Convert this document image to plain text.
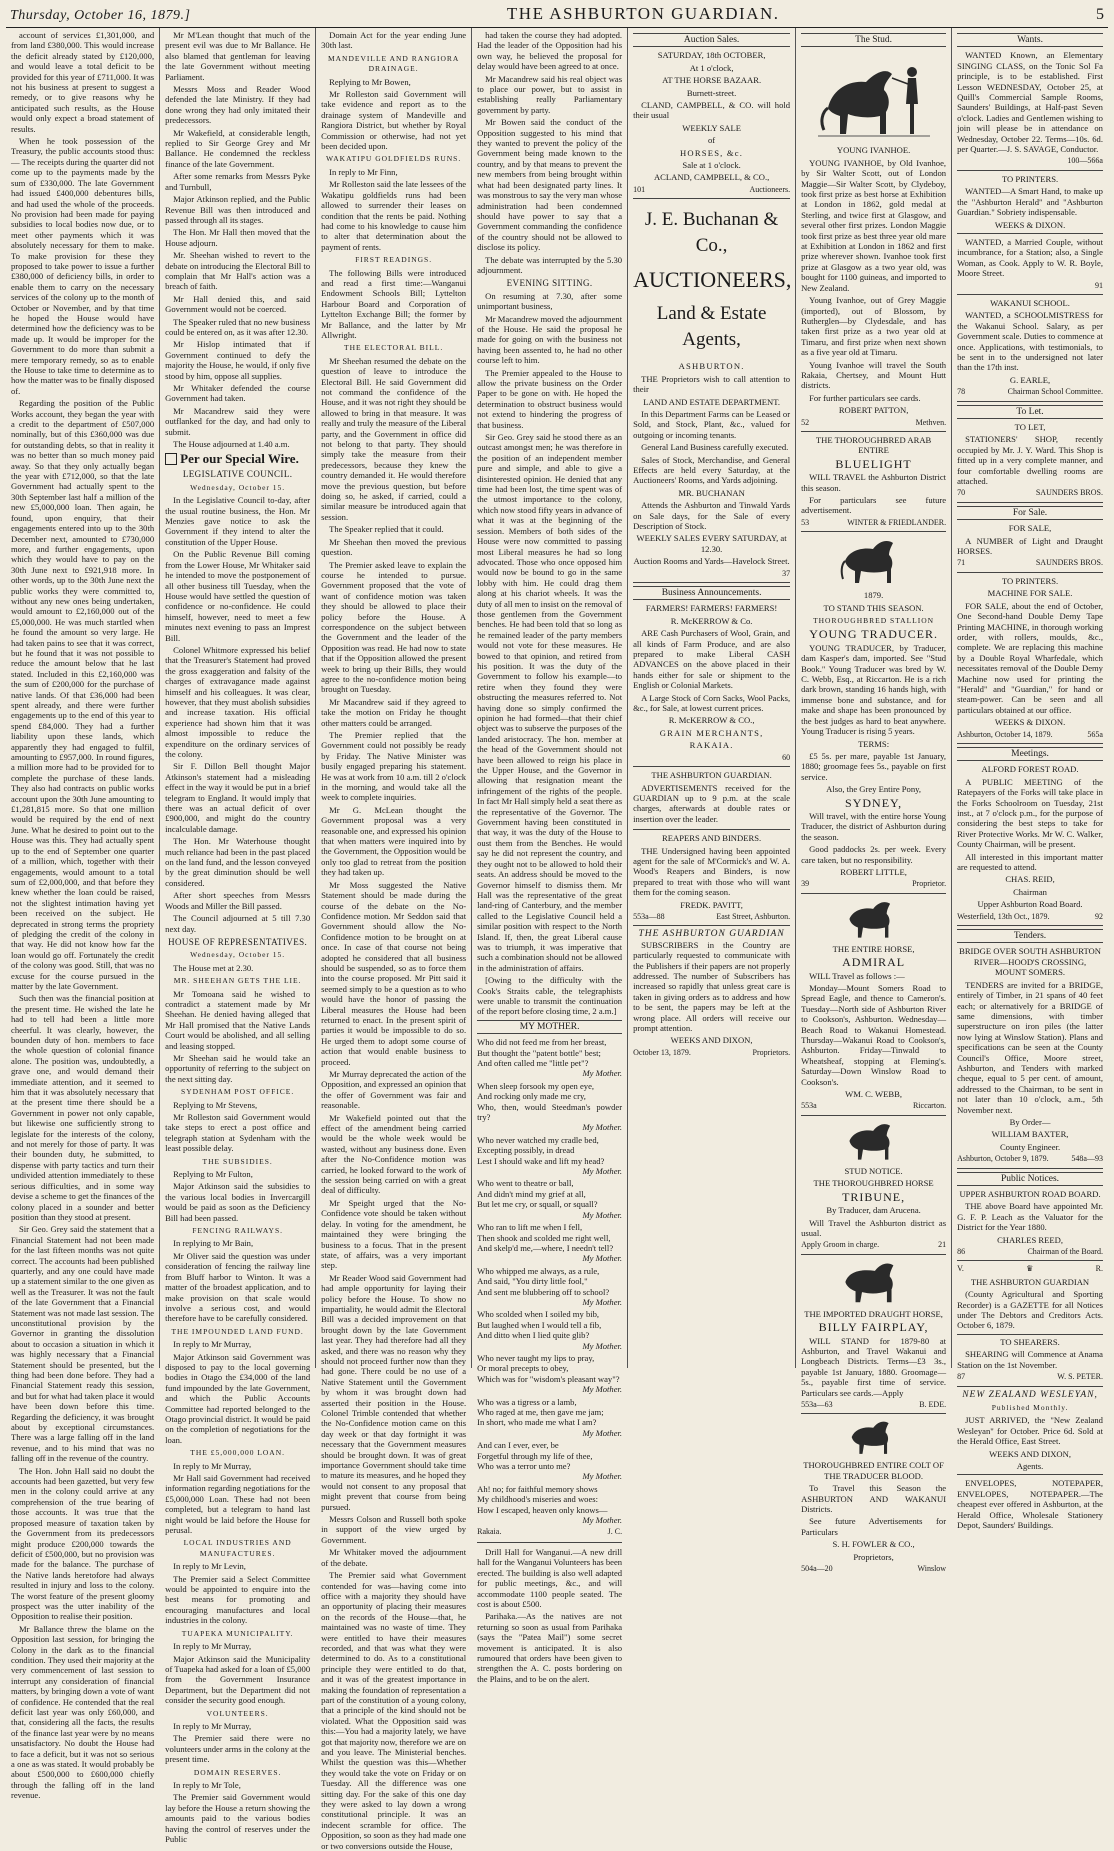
Thursday, October 16, 1879.]	THE ASHBURTON GUARDIAN.	5

account of services £1,301,000, and from land £380,000. This would increase the deficit already stated by £120,000, and would leave a total deficit to be provided for this year of £711,000. It was not his business at present to suggest a remedy, or to give reasons why he anticipated such results, as the House would only expect a broad statement of results.

When he took possession of the Treasury, the public accounts stood thus:— The receipts during the quarter did not come up to the payments made by the sum of £330,000. The late Government had issued £400,000 debentures bills, and had used the whole of the proceeds. No provision had been made for paying subsidies to local bodies now due, or to meet other payments which it was absolutely necessary for them to make. To make provision for these they proposed to take power to issue a further £380,000 of deficiency bills, in order to enable them to carry on the necessary services of the colony up to the month of October or November, and by that time he hoped the House would have determined how the deficiency was to be made up. It would be improper for the Government to do more than submit a mere temporary remedy, so as to enable the House to take time to determine as to how the matter was to be finally disposed of.

Regarding the position of the Public Works account, they began the year with a credit to the department of £507,000 nominally, but of this £360,000 was due for outstanding debts, so that in reality it was no better than so much money paid away. So that they only actually began the year with £712,000, so that the late Government had actually spent to the 30th September last half a million of the new £5,000,000 loan. Then again, he found, upon enquiry, that their engagements entered into up to the 30th December next, amounted to £730,000 more, and further engagements, upon which they would have to pay on the 30th June next to £921,918 more. In other words, up to the 30th June next the public works they were committed to, without any new ones being undertaken, would amount to £2,160,000 out of the £5,000,000. He was much startled when he found the amount so very large. He had taken pains to see that it was correct, but he found that it was not possible to reduce the amount below that he last stated. Included in this £2,160,000 was the sum of £200,000 for the purchase of native lands. Of that £36,000 had been spent already, and there were further engagements up to the end of this year to spend £84,000. They had a further liability upon these lands, which apparently they had engaged to fulfil, amounting to £957,000. In round figures, a million more had to be provided for to complete the purchase of these lands. They also had contracts on public works account upon the 30th June amounting to £1,281,815 more. So that one million would be required by the end of next June. What he desired to point out to the House was this. They had actually spent up to the end of September one quarter of a million, which, together with their engagements, would amount to a total sum of £2,000,000, and that before they knew whether the loan could be raised, not the slightest intimation having yet been received on the subject. He deprecated in strong terms the propriety of pledging the credit of the colony in that way. He did not know how far the loan would go off. Fortunately the credit of the colony was good. Still, that was no excuse for the course pursued in the matter by the late Government.

Such then was the financial position at the present time. He wished the late he had to tell had been a little more cheerful. It was clearly, however, the bounden duty of hon. members to face the whole question of colonial finance alone. The position was, undoubtedly, a grave one, and would demand their immediate attention, and it seemed to him that it was absolutely necessary that at the present time there should be a Government in power not only capable, but likewise one sufficiently strong to legislate for the interests of the colony, and not merely for those of party. It was their bounden duty, he submitted, to dispense with party tactics and turn their undivided attention immediately to these serious difficulties, and in some way devise a scheme to get the finances of the colony placed in a sounder and better position than they stood at present.

Sir Geo. Grey said the statement that a Financial Statement had not been made for the last fifteen months was not quite correct. The accounts had been published quarterly, and any one could have made up a statement similar to the one given as well as the Treasurer. It was not the fault of the late Government that a Financial Statement was not made last session. The unconstitutional provision by the Governor in granting the dissolution about to occasion a situation in which it was highly necessary that a Financial Statement should be presented, but the thing had been done before. They had a Financial Statement ready this session, and but for what had taken place it would have been down before this time. Regarding the deficiency, it was brought about by exceptional circumstances. There was a large falling off in the land revenue, and to his mind that was no falling off in the revenue of the country.

The Hon. John Hall said no doubt the accounts had been gazetted, but very few men in the colony could arrive at any comprehension of the true bearing of those accounts. It was true that the proposed measure of taxation taken by the Government from its predecessors might produce £200,000 towards the deficit of £500,000, but no provision was made for the balance. The purchase of the Native lands heretofore had always resulted in injury and loss to the colony. The worst feature of the present gloomy prospect was the utter inability of the Opposition to realise their position.

Mr Ballance threw the blame on the Opposition last session, for bringing the Colony in the dark as to the financial condition. They used their majority at the very commencement of last session to interrupt any consideration of financial matters, by bringing down a vote of want of confidence. He contended that the real deficit last year was only £60,000, and that, considering all the facts, the results of the finance last year were by no means unsatisfactory. No doubt the House had to face a deficit, but it was not so serious a one as was stated. It would probably be about £500,000 to £600,000 chiefly through the falling off in the land revenue.

Mr M'Lean thought that much of the present evil was due to Mr Ballance. He also blamed that gentleman for leaving the late Government without meeting Parliament.

Messrs Moss and Reader Wood defended the late Ministry. If they had done wrong they had only imitated their predecessors.

Mr Wakefield, at considerable length, replied to Sir George Grey and Mr Ballance. He condemned the reckless finance of the late Government.

After some remarks from Messrs Pyke and Turnbull,

Major Atkinson replied, and the Public Revenue Bill was then introduced and passed through all its stages.

The Hon. Mr Hall then moved that the House adjourn.

Mr. Sheehan wished to revert to the debate on introducing the Electoral Bill to complain that Mr Hall's action was a breach of faith.

Mr Hall denied this, and said Government would not be coerced.

The Speaker ruled that no new business could be entered on, as it was after 12.30.

Mr Hislop intimated that if Government continued to defy the majority the House, he would, if only five stood by him, oppose all supplies.

Mr Whitaker defended the course Government had taken.

Mr Macandrew said they were outflanked for the day, and had only to submit.

The House adjourned at 1.40 a.m.

Per our Special Wire.
LEGISLATIVE COUNCIL.
Wednesday, October 15.

In the Legislative Council to-day, after the usual routine business, the Hon. Mr Menzies gave notice to ask the Government if they intend to alter the constitution of the Upper House.

On the Public Revenue Bill coming from the Lower House, Mr Whitaker said he intended to move the postponement of all other business till Tuesday, when the House would have settled the question of confidence or no-confidence. He could himself, however, need to meet a few minutes next evening to pass an Imprest Bill.

Colonel Whitmore expressed his belief that the Treasurer's Statement had proved the gross exaggeration and falsity of the charges of extravagance made against himself and his colleagues. It was clear, however, that they must abolish subsidies and increase taxation. His official experience had shown him that it was almost impossible to reduce the expenditure on the ordinary services of the colony.

Sir F. Dillon Bell thought Major Atkinson's statement had a misleading effect in the way it would be put in a brief telegram to England. It would imply that there was an actual deficit of over £900,000, and might do the country incalculable damage.

The Hon. Mr Waterhouse thought much reliance had been in the past placed on the land fund, and the lesson conveyed by the great diminution should be well considered.

After short speeches from Messrs Woods and Miller the Bill passed.

The Council adjourned at 5 till 7.30 next day.

HOUSE OF REPRESENTATIVES.
Wednesday, October 15.

The House met at 2.30.

MR. SHEEHAN GETS THE LIE.

Mr Tomoana said he wished to contradict a statement made by Mr Sheehan. He denied having alleged that Mr Hall promised that the Native Lands Court would be abolished, and all selling and leasing stopped.

Mr Sheehan said he would take an opportunity of referring to the subject on the next sitting day.

SYDENHAM POST OFFICE.

Replying to Mr Stevens,

Mr Rolleston said Government would take steps to erect a post office and telegraph station at Sydenham with the least possible delay.

THE SUBSIDIES.

Replying to Mr Fulton,

Major Atkinson said the subsidies to the various local bodies in Invercargill would be paid as soon as the Deficiency Bill had been passed.

FENCING RAILWAYS.

In replying to Mr Bain,

Mr Oliver said the question was under consideration of fencing the railway line from Bluff harbor to Winton. It was a matter of the broadest application, and to make provision on that scale would involve a serious cost, and would therefore have to be carefully considered.

THE IMPOUNDED LAND FUND.

In reply to Mr Murray,

Major Atkinson said Government was disposed to pay to the local governing bodies in Otago the £34,000 of the land fund impounded by the late Government, and which the Public Accounts Committee had reported belonged to the Otago provincial district. It would be paid on the completion of negotiations for the loan.

THE £5,000,000 LOAN.

In reply to Mr Murray,

Mr Hall said Government had received information regarding negotiations for the £5,000,000 Loan. These had not been completed, but a telegram to hand last night would be laid before the House for perusal.

LOCAL INDUSTRIES AND MANUFACTURES.

In reply to Mr Levin,

The Premier said a Select Committee would be appointed to enquire into the best means for promoting and encouraging manufactures and local industries in the colony.

TUAPEKA MUNICIPALITY.

In reply to Mr Murray,

Major Atkinson said the Municipality of Tuapeka had asked for a loan of £5,000 from the Government Insurance Department, but the Department did not consider the security good enough.

VOLUNTEERS.

In reply to Mr Murray,

The Premier said there were no volunteers under arms in the colony at the present time.

DOMAIN RESERVES.

In reply to Mr Tole,

The Premier said Government would lay before the House a return showing the amounts paid to the various bodies having the control of reserves under the Public

Domain Act for the year ending June 30th last.

MANDEVILLE AND RANGIORA DRAINAGE.

Replying to Mr Bowen,

Mr Rolleston said Government will take evidence and report as to the drainage system of Mandeville and Rangiora District, but whether by Royal Commission or otherwise, had not yet been decided upon.

WAKATIPU GOLDFIELDS RUNS.

In reply to Mr Finn,

Mr Rolleston said the late lessees of the Wakatipu goldfields runs had been allowed to surrender their leases on condition that the rents be paid. Nothing had come to his knowledge to cause him to alter that determination about the payment of rents.

FIRST READINGS.

The following Bills were introduced and read a first time:—Wanganui Endowment Schools Bill; Lyttelton Harbour Board and Corporation of Lyttelton Exchange Bill; the former by Mr Ballance, and the latter by Mr Allwright.

THE ELECTORAL BILL.

Mr Sheehan resumed the debate on the question of leave to introduce the Electoral Bill. He said Government did not command the confidence of the House, and it was not right they should be allowed to bring in that measure. It was really and truly the measure of the Liberal party, and the Government in office did not belong to that party. They should simply take the measure from their predecessors, because they knew the country demanded it. He would therefore move the previous question, but before doing so, he asked, if carried, could a similar measure be introduced again that session.

The Speaker replied that it could.

Mr Sheehan then moved the previous question.

The Premier asked leave to explain the course he intended to pursue. Government proposed that the vote of want of confidence motion was taken they should be allowed to place their policy before the House. A correspondence on the subject between the Government and the leader of the Opposition was read. He had now to state that if the Opposition allowed the present week to bring up their Bills, they would agree to the no-confidence motion being brought on Tuesday.

Mr Macandrew said if they agreed to take the motion on Friday he thought other matters could be arranged.

The Premier replied that the Government could not possibly be ready by Friday. The Native Minister was busily engaged preparing his statement. He was at work from 10 a.m. till 2 o'clock in the morning, and would take all the week to complete inquiries.

Mr G. McLean thought the Government proposal was a very reasonable one, and expressed his opinion that when matters were inquired into by the Government, the Opposition would be only too glad to retreat from the position they had taken up.

Mr Moss suggested the Native Statement should be made during the course of the debate on the No-Confidence motion. Mr Seddon said that Government should allow the No-Confidence motion to be brought on at once. In case of that course not being adopted he considered that all business should be suspended, so as to force them into the course proposed. Mr Pitt said it seemed simply to be a question as to who would have the honor of passing the Liberal measures the House had been returned to enact. In the present spirit of parties it would be impossible to do so. He urged them to adopt some course of action that would enable business to proceed.

Mr Murray deprecated the action of the Opposition, and expressed an opinion that the offer of Government was fair and reasonable.

Mr Wakefield pointed out that the effect of the amendment being carried would be the whole week would be wasted, without any business done. Even after the No-Confidence motion was carried, he looked forward to the work of the session being carried on with a great deal of difficulty.

Mr Speight urged that the No-Confidence vote should be taken without delay. In voting for the amendment, he maintained they were bringing the business to a focus. That in the present state, of affairs, was a very important step.

Mr Reader Wood said Government had had ample opportunity for laying their policy before the House. To show no impartiality, he would admit the Electoral Bill was a decided improvement on that brought down by the late Government last year. They had therefore had all they asked, and there was no reason why they should not proceed further now than they had gone. There could be no use of a Native Statement until the Government by whom it was brought down had asserted their position in the House. Colonel Trimble contended that whether the No-Confidence motion came on this day week or that day fortnight it was necessary that the Government measures should be brought down. It was of great importance Government should take time to mature its measures, and he hoped they would not consent to any proposal that might prevent that course from being pursued.

Messrs Colson and Russell both spoke in support of the view urged by Government.

Mr Whitaker moved the adjournment of the debate.

The Premier said what Government contended for was—having come into office with a majority they should have an opportunity of placing their measures on the records of the House—that, he maintained was no waste of time. They were entitled to have their measures recorded, and that was what they were determined to do. As to a constitutional principle they were entitled to do that, and it was of the greatest importance in making the foundation of representation a part of the constitution of a young colony, that a principle of the kind should not be violated. What the Opposition said was this:—You had a majority lately, we have got that majority now, therefore we are on and you leave. The Ministerial benches. Whilst the question was this—Whether they would take the vote on Friday or on Tuesday. All the difference was one sitting day. For the sake of this one day they were asked to lay down a wrong constitutional principle. It was an indecent scramble for office. The Opposition, so soon as they had made one or two conversions outside the House,

had taken the course they had adopted. Had the leader of the Opposition had his own way, he believed the proposal for delay would have been agreed to at once.

Mr Macandrew said his real object was to place our power, but to assist in establishing really Parliamentary government by party.

Mr Bowen said the conduct of the Opposition suggested to his mind that they wanted to prevent the policy of the Government being made known to the country, and by that means to prevent the new members from being brought within what had been designated party lines. It was monstrous to say the very man whose administration had been condemned should have power to say that a Government commanding the confidence of the country should not be allowed to disclose its policy.

The debate was interrupted by the 5.30 adjournment.

EVENING SITTING.

On resuming at 7.30, after some unimportant business,

Mr Macandrew moved the adjournment of the House. He said the proposal he made for going on with the business not having been assented to, he had no other course left to him.

The Premier appealed to the House to allow the private business on the Order Paper to be gone on with. He hoped the determination to obstruct business would not extend to hindering the progress of that business.

Sir Geo. Grey said he stood there as an outcast amongst men; he was therefore in the position of an independent member pure and simple, and able to give a disinterested opinion. He denied that any time had been lost, the time spent was of the utmost importance to the colony, which now stood fifty years in advance of what it was at the beginning of the session. Members of both sides of the House were now committed to passing most Liberal measures he had so long advocated. Those who once opposed him would now be bound to go in the same lobby with him. He could drag them along at his chariot wheels. It was the duty of all men to insist on the removal of those gentlemen from the Government benches. He had been told that so long as he remained leader of the party members would not vote for these measures. He bowed to that opinion, and retired from his position. It was the duty of the Government to follow his example—to retire when they found they were obstructing the measures referred to. Not having done so simply confirmed the opinion he had formed—that their chief object was to subserve the purposes of the landed aristocracy. The hon. member at the head of the Government should not have been allowed to reign his place in the Upper House, and the Governor in allowing that resignation meant the infringement of the rights of the people. In fact Mr Hall simply held a seat there as the representative of the Governor. The Government having been constituted in that way, it was the duty of the House to oust them from the Benches. He would say he did not represent the country, and they ought not to be allowed to hold their seats. An address should be moved to the Governor himself to dismiss them. Mr Hall was the representative of the great land-ring of Canterbury, and the member called to the Legislative Council held a similar position with respect to the North Island. If, then, the great Liberal cause was to triumph, it was imperative that such a combination should not be allowed in the administration of affairs.

[Owing to the difficulty with the Cook's Straits cable, the telegraphists were unable to transmit the continuation of the report before closing time, 2 a.m.]

MY MOTHER.
Who did not feed me from her breast,
But thought the "patent bottle" best;
And often called me "little pet"?
My Mother.
When sleep forsook my open eye,
And rocking only made me cry,
Who, then, would Steedman's powder try?
My Mother.
Who never watched my cradle bed,
Excepting possibly, in dread
Lest I should wake and lift my head?
My Mother.
Who went to theatre or ball,
And didn't mind my grief at all,
But let me cry, or squall, or squall?
My Mother.
Who ran to lift me when I fell,
Then shook and scolded me right well,
And skelp'd me,—where, I needn't tell?
My Mother.
Who whipped me always, as a rule,
And said, "You dirty little fool,"
And sent me blubbering off to school?
My Mother.
Who scolded when I soiled my bib,
But laughed when I would tell a fib,
And ditto when I lied quite glib?
My Mother.
Who never taught my lips to pray,
Or moral precepts to obey,
Which was for "wisdom's pleasant way"?
My Mother.
Who was a tigress or a lamb,
Who raged at me, then gave me jam;
In short, who made me what I am?
My Mother.
And can I ever, ever, be
Forgetful through my life of thee,
Who was a terror unto me?
My Mother.
Ah! no; for faithful memory shows
My childhood's miseries and woes:
How I escaped, heaven only knows—
My Mother.
Rakaia.	J. C.

Drill Hall for Wanganui.—A new drill hall for the Wanganui Volunteers has been erected. The building is also well adapted for public meetings, &c., and will accommodate 1100 people seated. The cost is about £500.

Parihaka.—As the natives are not returning so soon as usual from Parihaka (says the "Patea Mail") some secret movement is anticipated. It is also rumoured that orders have been given to strengthen the A. C. posts bordering on the Plains, and to be on the alert.

Auction Sales.
SATURDAY, 18th OCTOBER,
At 1 o'clock,
AT THE HORSE BAZAAR.
Burnett-street.

CLAND, CAMPBELL, & CO. will hold their usual

WEEKLY SALE
of
HORSES, &c.
Sale at 1 o'clock.
ACLAND, CAMPBELL, & CO.,
101	Auctioneers.
J. E. Buchanan & Co.,
AUCTIONEERS,
Land & Estate Agents,
ASHBURTON.

THE Proprietors wish to call attention to their

LAND AND ESTATE DEPARTMENT.

In this Department Farms can be Leased or Sold, and Stock, Plant, &c., valued for outgoing or incoming tenants.

General Land Business carefully executed.

Sales of Stock, Merchandise, and General Effects are held every Saturday, at the Auctioneers' Rooms, and Yards adjoining.

MR. BUCHANAN

Attends the Ashburton and Tinwald Yards on Sale days, for the Sale of every Description of Stock.

WEEKLY SALES EVERY SATURDAY, at 12.30.
Auction Rooms and Yards—Havelock Street.
37
Business Announcements.
FARMERS! FARMERS! FARMERS!
R. McKERROW & Co.

ARE Cash Purchasers of Wool, Grain, and all kinds of Farm Produce, and are also prepared to make Liberal CASH ADVANCES on the above placed in their hands either for sale or shipment to the English or Colonial Markets.

A Large Stock of Corn Sacks, Wool Packs, &c., for Sale, at lowest current prices.

R. McKERROW & CO.,
GRAIN MERCHANTS,
RAKAIA.
60
THE ASHBURTON GUARDIAN.

ADVERTISEMENTS received for the GUARDIAN up to 9 p.m. at the scale charges, afterwards at double rates or insertion over the leader.

REAPERS AND BINDERS.

THE Undersigned having been appointed agent for the sale of M'Cormick's and W. A. Wood's Reapers and Binders, is now prepared to treat with those who will want them for the coming season.

FREDK. PAVITT,
553a—88	East Street, Ashburton.
THE ASHBURTON GUARDIAN

SUBSCRIBERS in the Country are particularly requested to communicate with the Publishers if their papers are not properly addressed. The number of Subscribers has increased so rapidly that unless great care is taken in giving orders as to address and how to be sent, the papers may be left at the wrong place. All orders will receive our prompt attention.

WEEKS AND DIXON,
October 13, 1879.	Proprietors.
The Stud.
YOUNG IVANHOE.

YOUNG IVANHOE, by Old Ivanhoe, by Sir Walter Scott, out of London Maggie—Sir Walter Scott, by Clydeboy, took first prize as best horse at Exhibition at London in 1862, gold medal at Sterling, and twice first at Glasgow, and several other first prizes. London Maggie took first prize as best three year old mare at Exhibition at London in 1862 and first prize wherever shown. Ivanhoe took first prize at Glasgow as a two year old, was bought for 1100 guineas, and imported to New Zealand.

Young Ivanhoe, out of Grey Maggie (imported), out of Blossom, by Rutherglen—by Clydesdale, and has taken first prize as a two year old at Timaru, and first prize when next shown as a five year old at Timaru.

Young Ivanhoe will travel the South Rakaia, Chertsey, and Mount Hutt districts.

For further particulars see cards.

ROBERT PATTON,
52	Methven.
THE THOROUGHBRED ARAB ENTIRE
BLUELIGHT

WILL TRAVEL the Ashburton District this season.

For particulars see future advertisement.

53	WINTER & FRIEDLANDER.
1879.
TO STAND THIS SEASON.
THOROUGHBRED STALLION
YOUNG TRADUCER.

YOUNG TRADUCER, by Traducer, dam Kasper's dam, imported. See "Stud Book." Young Traducer was bred by W. C. Webb, Esq., at Riccarton. He is a rich dark brown, standing 16 hands high, with immense bone and substance, and for make and shape has been pronounced by the best judges as hard to beat anywhere. Young Traducer is rising 5 years.

TERMS:

£5 5s. per mare, payable 1st January, 1880; groomage fees 5s., payable on first service.

Also, the Grey Entire Pony,
SYDNEY,

Will travel, with the entire horse Young Traducer, the district of Ashburton during the season.

Good paddocks 2s. per week. Every care taken, but no responsibility.

ROBERT LITTLE,
39	Proprietor.
THE ENTIRE HORSE,
ADMIRAL

WILL Travel as follows :—

Monday—Mount Somers Road to Spread Eagle, and thence to Cameron's. Tuesday—North side of Ashburton River to Cookson's, Ashburton. Wednesday—Beach Road to Wakanui Homestead. Thursday—Wakanui Road to Cookson's, Ashburton. Friday—Tinwald to Wheatsheaf, stopping at Fleming's. Saturday—Down Winslow Road to Cookson's.

WM. C. WEBB,
553a	Riccarton.
STUD NOTICE.
THE THOROUGHBRED HORSE
TRIBUNE,
By Traducer, dam Arucena.

Will Travel the Ashburton district as usual.

Apply Groom in charge.	21
THE IMPORTED DRAUGHT HORSE,
BILLY FAIRPLAY,

WILL STAND for 1879-80 at Ashburton, and Travel Wakanui and Longbeach Districts. Terms—£3 3s., payable 1st January, 1880. Groomage—5s., payable first time of service. Particulars see cards.—Apply

553a—63	B. EDE.
THOROUGHBRED ENTIRE COLT OF THE TRADUCER BLOOD.

To Travel this Season the ASHBURTON AND WAKANUI Districts.

See future Advertisements for Particulars

S. H. FOWLER & CO.,
Proprietors,
504a—20	Winslow
Wants.

WANTED Known, an Elementary SINGING CLASS, on the Tonic Sol Fa principle, is to be established. First Lesson WEDNESDAY, October 25, at Quill's Commercial Sample Rooms, Saunders' Buildings, at Half-past Seven o'clock. Ladies and Gentlemen wishing to join will please be in attendance on Wednesday, October 22. Terms—10s. 6d. per Quarter.—J. S. SAVAGE, Conductor.

100—566a
TO PRINTERS.

WANTED—A Smart Hand, to make up the "Ashburton Herald" and "Ashburton Guardian." Sobriety indispensable.

WEEKS & DIXON.

WANTED, a Married Couple, without incumbrance, for a Station; also, a Single Woman, as Cook. Apply to W. R. Boyle, Moore Street.

91
WAKANUI SCHOOL.

WANTED, a SCHOOLMISTRESS for the Wakanui School. Salary, as per Government scale. Duties to commence at once. Applications, with testimonials, to be sent in to the undersigned not later than the 17th inst.

G. EARLE,
78	Chairman School Committee.
To Let.
TO LET,

STATIONERS' SHOP, recently occupied by Mr. J. Y. Ward. This Shop is fitted up in a very complete manner, and four comfortable dwelling rooms are attached.

70	SAUNDERS BROS.
For Sale.
FOR SALE,

A NUMBER of Light and Draught HORSES.

71	SAUNDERS BROS.
TO PRINTERS.
MACHINE FOR SALE.

FOR SALE, about the end of October, One Second-hand Double Demy Tape Printing MACHINE, in thorough working order, with rollers, moulds, &c., complete. We are replacing this machine by a Double Royal Wharfedale, which necessitates removal of the Double Demy Machine now used for printing the "Herald" and "Guardian," for hand or steam-power. Can be seen and all particulars obtained at our office.

WEEKS & DIXON.
Ashburton, October 14, 1879.	565a
Meetings.
ALFORD FOREST ROAD.

A PUBLIC MEETING of the Ratepayers of the Forks will take place in the Forks Schoolroom on Tuesday, 21st inst., at 7 o'clock p.m., for the purpose of considering the best steps to take for River Protective Works. Mr W. C. Walker, County Chairman, will be present.

All interested in this important matter are requested to attend.

CHAS. REID,
Chairman
Upper Ashburton Road Board.
Westerfield, 13th Oct., 1879.	92
Tenders.
BRIDGE OVER SOUTH ASHBURTON RIVER—HOOD'S CROSSING, MOUNT SOMERS.

TENDERS are invited for a BRIDGE, entirely of Timber, in 21 spans of 40 feet each; or alternatively for a BRIDGE of same dimensions, with timber superstructure on iron piles (the latter now lying at Winslow Station). Plans and specifications can be seen at the County Council's Office, Moore street, Ashburton, and Tenders with marked cheque, equal to 5 per cent. of amount, addressed to the Chairman, to be sent in not later than 10 o'clock, a.m., 5th November next.

By Order—
WILLIAM BAXTER,
County Engineer.
Ashburton, October 9, 1879.	548a—93
Public Notices.
UPPER ASHBURTON ROAD BOARD.

THE above Board have appointed Mr. G. F. P. Leach as the Valuator for the District for the Year 1880.

CHARLES REED,
86	Chairman of the Board.
V.	♛	R.
THE ASHBURTON GUARDIAN

(County Agricultural and Sporting Recorder) is a GAZETTE for all Notices under The Debtors and Creditors Acts. October 6, 1879.

TO SHEARERS.

SHEARING will Commence at Anama Station on the 1st November.

87	W. S. PETER.
NEW ZEALAND WESLEYAN,
Published Monthly.

JUST ARRIVED, the "New Zealand Wesleyan" for October. Price 6d. Sold at the Herald Office, East Street.

WEEKS AND DIXON,
Agents.

ENVELOPES, NOTEPAPER, ENVELOPES, NOTEPAPER.—The cheapest ever offered in Ashburton, at the Herald Office, Wholesale Stationery Depot, Saunders' Buildings.
